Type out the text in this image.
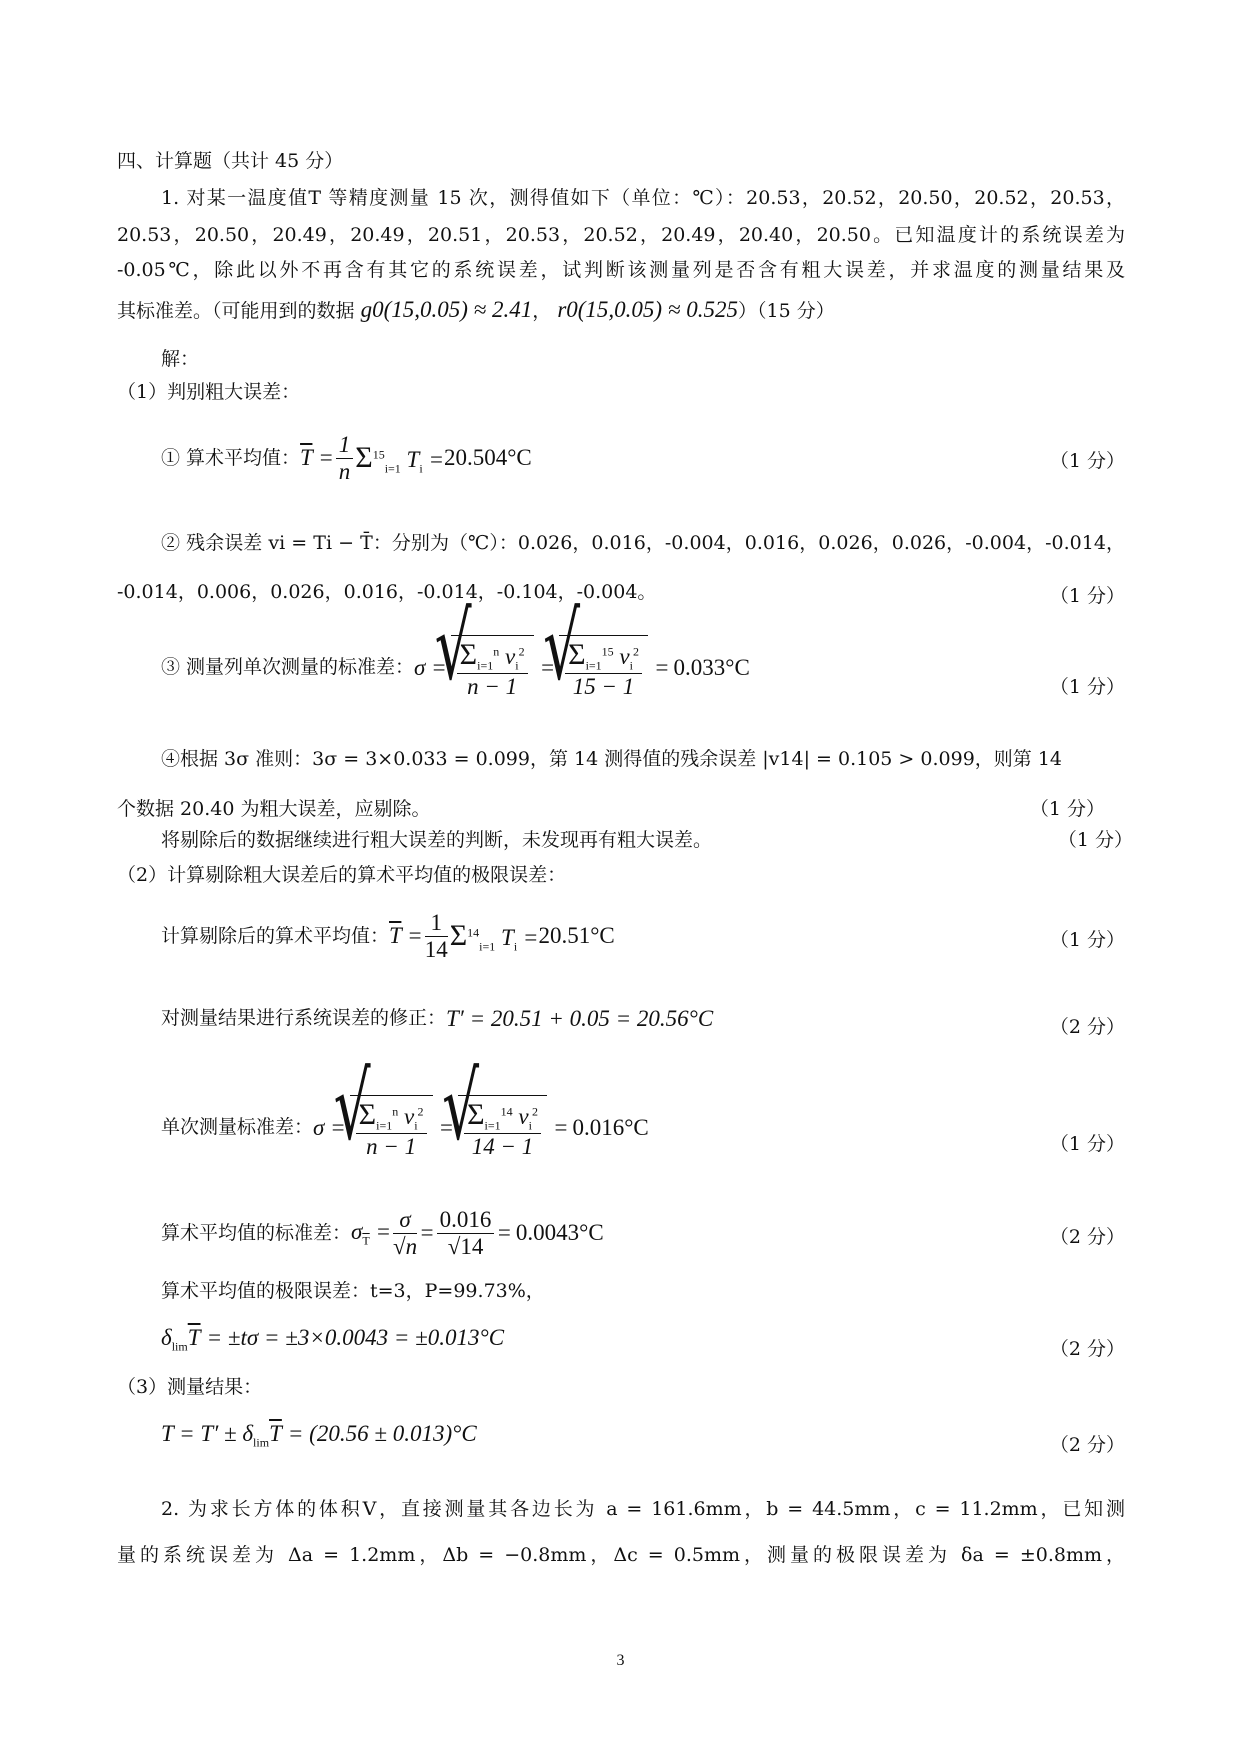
四、计算题（共计 45 分）
1. 对某一温度值T 等精度测量 15 次，测得值如下（单位：℃）：20.53，20.52，20.50，20.52，20.53，
20.53，20.50，20.49，20.49，20.51，20.53，20.52，20.49，20.40，20.50。已知温度计的系统误差为
-0.05℃，除此以外不再含有其它的系统误差，试判断该测量列是否含有粗大误差，并求温度的测量结果及
其标准差。（可能用到的数据 g0(15,0.05) ≈ 2.41， r0(15,0.05) ≈ 0.525）（15 分）
解：
（1）判别粗大误差：
① 算术平均值： $\overline{T} = \frac{1}{n} \Sigma^{15}_{i=1}$ $T_i = 20.504^\circ C$	（1 分）
② 残余误差 vi = Ti − T̄：分别为（℃）：0.026，0.016，-0.004，0.016，0.026，0.026，-0.004，-0.014，
-0.014，0.006，0.026，0.016，-0.014，-0.104，-0.004。	（1 分）
③ 测量列单次测量的标准差： σ = √ $\frac{\Sigma_{i=1}^n v_i^2}{n - 1}$ = √ $\frac{\Sigma_{i=1}^{15} v_i^2}{15 - 1} = 0.033^\circ C$
（1 分）
④根据 3σ 准则：3σ = 3×0.033 = 0.099，第 14 测得值的残余误差 |v14| = 0.105 > 0.099，则第 14
个数据 20.40 为粗大误差，应剔除。	（1 分）
将剔除后的数据继续进行粗大误差的判断，未发现再有粗大误差。	（1 分）
（2）计算剔除粗大误差后的算术平均值的极限误差：
计算剔除后的算术平均值： $\overline{T} = \frac{1}{14} \Sigma^{14}_{i=1}$ $T_i = 20.51^\circ C$	（1 分）
对测量结果进行系统误差的修正： T′ = 20.51 + 0.05 = 20.56°C	（2 分）
单次测量标准差： σ = √ $\frac{\Sigma_{i=1}^n v_i^2}{n - 1}$ = √ $\frac{\Sigma_{i=1}^{14} v_i^2}{14 - 1} = 0.016^\circ C$
（1 分）
算术平均值的标准差： $\sigma_{\overline{T}} = \frac{\sigma}{√n} = \frac{0.016}{√14} = 0.0043^\circ C$	（2 分）
算术平均值的极限误差：t=3，P=99.73%，
$\delta_{lim}\overline{T} = \pm t\sigma = \pm 3\times 0.0043 = \pm 0.013^\circ C$	（2 分）
（3）测量结果：
$T = T' \pm \delta_{lim}\overline{T} = (20.56 \pm 0.013)^\circ C$	（2 分）
2. 为求长方体的体积V，直接测量其各边长为 a = 161.6mm，b = 44.5mm，c = 11.2mm，已知测
量的系统误差为 Δa = 1.2mm，Δb = −0.8mm，Δc = 0.5mm，测量的极限误差为 δa = ±0.8mm，
3
